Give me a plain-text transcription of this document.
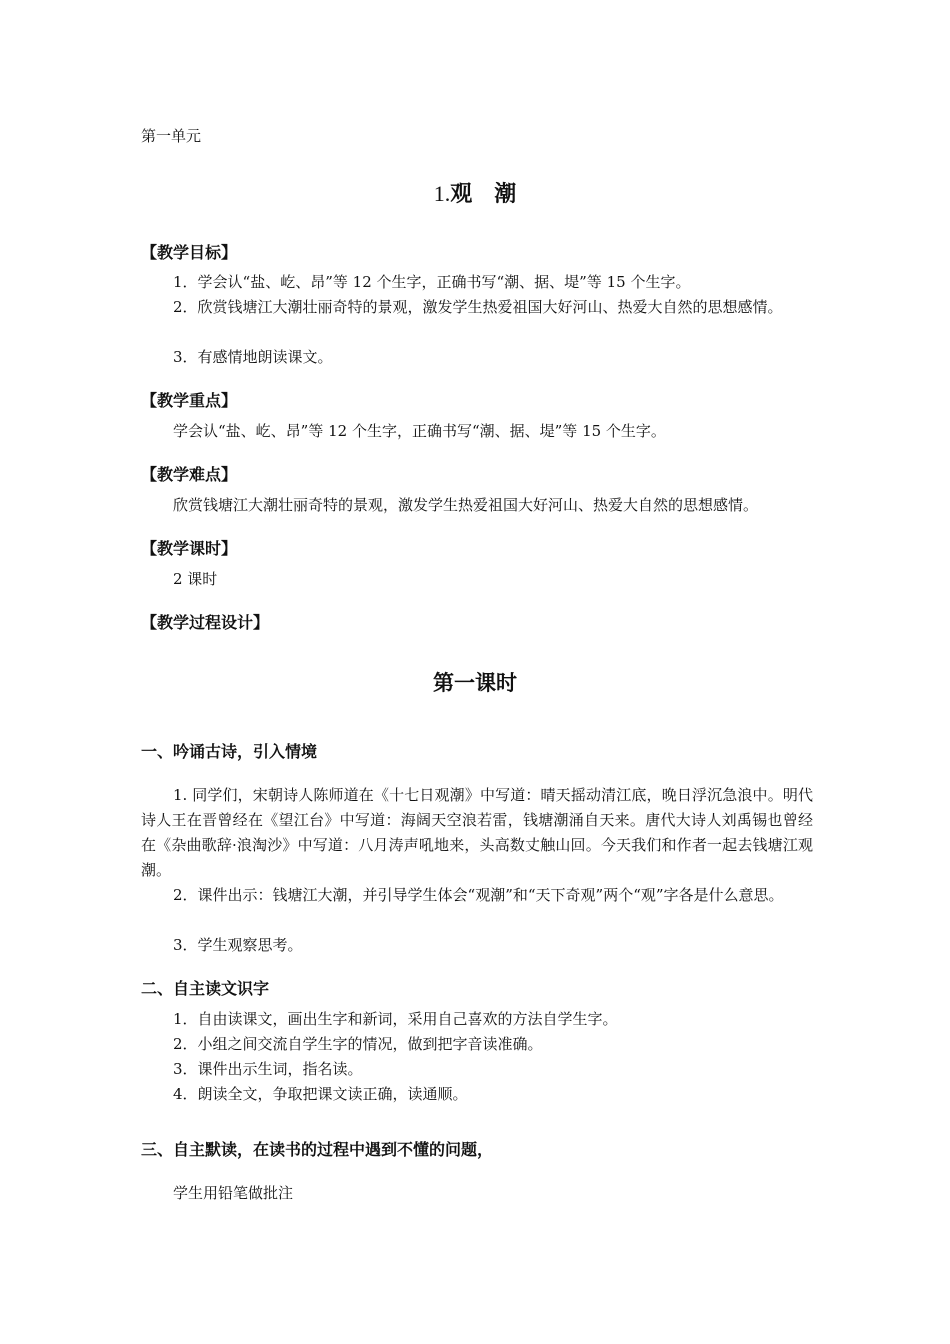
第一单元
1.观　潮
【教学目标】
1．学会认“盐、屹、昂”等 12 个生字，正确书写“潮、据、堤”等 15 个生字。
2．欣赏钱塘江大潮壮丽奇特的景观，激发学生热爱祖国大好河山、热爱大自然的思想感情。
3．有感情地朗读课文。
【教学重点】
学会认“盐、屹、昂”等 12 个生字，正确书写“潮、据、堤”等 15 个生字。
【教学难点】
欣赏钱塘江大潮壮丽奇特的景观，激发学生热爱祖国大好河山、热爱大自然的思想感情。
【教学课时】
2 课时
【教学过程设计】
第一课时
一、吟诵古诗，引入情境
1. 同学们，宋朝诗人陈师道在《十七日观潮》中写道：晴天摇动清江底，晚日浮沉急浪中。明代诗人王在晋曾经在《望江台》中写道：海阔天空浪若雷，钱塘潮涌自天来。唐代大诗人刘禹锡也曾经在《杂曲歌辞·浪淘沙》中写道：八月涛声吼地来，头高数丈触山回。今天我们和作者一起去钱塘江观潮。
2．课件出示：钱塘江大潮，并引导学生体会“观潮”和“天下奇观”两个“观”字各是什么意思。
3．学生观察思考。
二、自主读文识字
1．自由读课文，画出生字和新词，采用自己喜欢的方法自学生字。
2．小组之间交流自学生字的情况，做到把字音读准确。
3．课件出示生词，指名读。
4．朗读全文，争取把课文读正确，读通顺。
三、自主默读，在读书的过程中遇到不懂的问题，
学生用铅笔做批注
